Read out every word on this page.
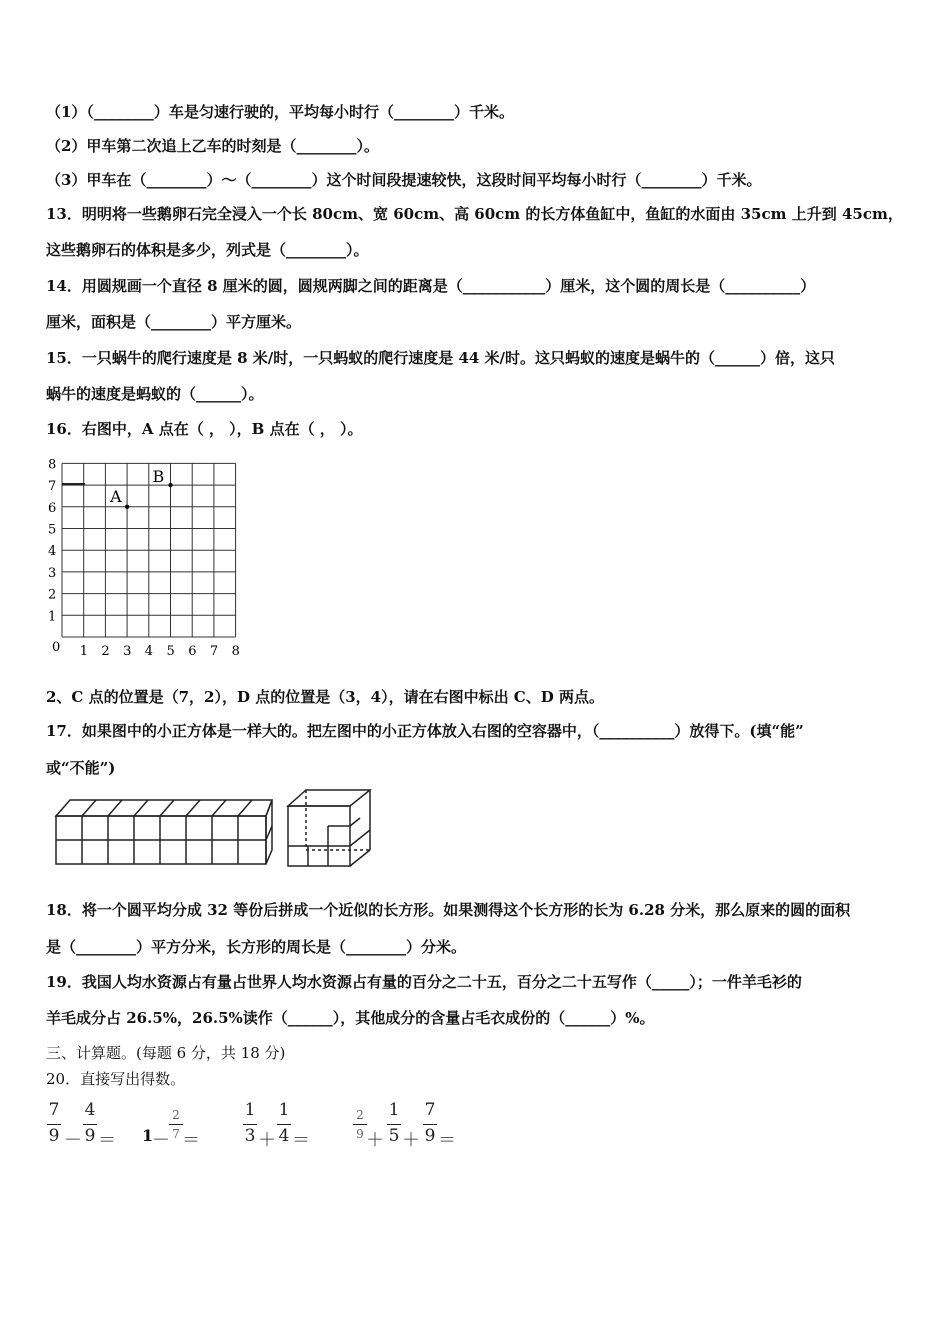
（1）（________）车是匀速行驶的，平均每小时行（________）千米。
（2）甲车第二次追上乙车的时刻是（________）。
（3）甲车在（________）～（________）这个时间段提速较快，这段时间平均每小时行（________）千米。
13．明明将一些鹅卵石完全浸入一个长 80cm、宽 60cm、高 60cm 的长方体鱼缸中，鱼缸的水面由 35cm 上升到 45cm，
这些鹅卵石的体积是多少，列式是（________）。
14．用圆规画一个直径 8 厘米的圆，圆规两脚之间的距离是（___________）厘米，这个圆的周长是（__________）
厘米，面积是（________）平方厘米。
15．一只蜗牛的爬行速度是 8 米/时，一只蚂蚁的爬行速度是 44 米/时。这只蚂蚁的速度是蜗牛的（______）倍，这只
蜗牛的速度是蚂蚁的（______）。
16．右图中，A 点在（ ， ），B 点在（ ， ）。
0 1 2 3 4 5 6 7 8
1
2
3
4
5
6
7
8
A
B
2、C 点的位置是（7，2），D 点的位置是（3，4），请在右图中标出 C、D 两点。
17．如果图中的小正方体是一样大的。把左图中的小正方体放入右图的空容器中，（__________）放得下。(填“能”
或“不能”)
18．将一个圆平均分成 32 等份后拼成一个近似的长方形。如果测得这个长方形的长为 6.28 分米，那么原来的圆的面积
是（________）平方分米，长方形的周长是（________）分米。
19．我国人均水资源占有量占世界人均水资源占有量的百分之二十五，百分之二十五写作（_____）；一件羊毛衫的
羊毛成分占 26.5%，26.5%读作（______），其他成分的含量占毛衣成份的（______）%。
三、计算题。(每题 6 分，共 18 分)
20．直接写出得数。
7
9 －
4
9 ＝ 1
－
2
7 ＝
1
3 ＋
1
4 ＝
2
9 ＋
1
5 ＋
7
9 ＝
